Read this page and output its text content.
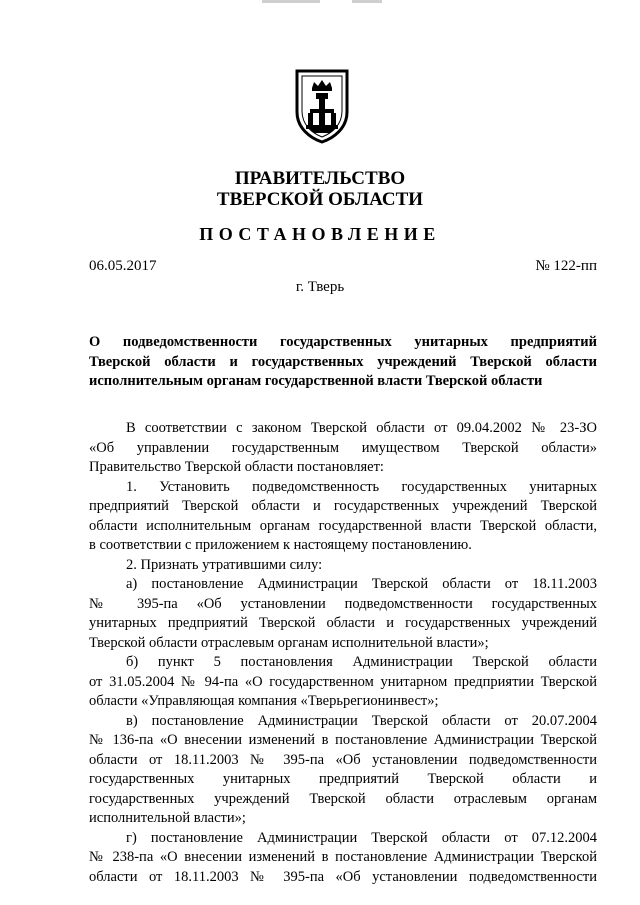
ПРАВИТЕЛЬСТВО
ТВЕРСКОЙ ОБЛАСТИ
ПОСТАНОВЛЕНИЕ
06.05.2017	№ 122-пп
г. Тверь
О подведомственности государственных унитарных предприятий
Тверской области и государственных учреждений Тверской области
исполнительным органам государственной власти Тверской области
В соответствии с законом Тверской области от 09.04.2002 № 23-ЗО
«Об управлении государственным имуществом Тверской области»
Правительство Тверской области постановляет:
1. Установить подведомственность государственных унитарных
предприятий Тверской области и государственных учреждений Тверской
области исполнительным органам государственной власти Тверской области,
в соответствии с приложением к настоящему постановлению.
2. Признать утратившими силу:
а) постановление Администрации Тверской области от 18.11.2003
№ 395-па «Об установлении подведомственности государственных
унитарных предприятий Тверской области и государственных учреждений
Тверской области отраслевым органам исполнительной власти»;
б) пункт 5 постановления Администрации Тверской области
от 31.05.2004 № 94-па «О государственном унитарном предприятии Тверской
области «Управляющая компания «Тверьрегионинвест»;
в) постановление Администрации Тверской области от 20.07.2004
№ 136-па «О внесении изменений в постановление Администрации Тверской
области от 18.11.2003 № 395-па «Об установлении подведомственности
государственных унитарных предприятий Тверской области и
государственных учреждений Тверской области отраслевым органам
исполнительной власти»;
г) постановление Администрации Тверской области от 07.12.2004
№ 238-па «О внесении изменений в постановление Администрации Тверской
области от 18.11.2003 № 395-па «Об установлении подведомственности
